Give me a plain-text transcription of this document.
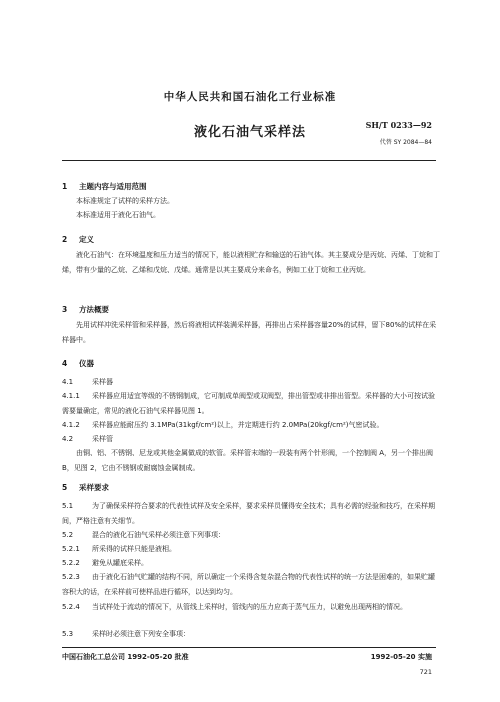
中华人民共和国石油化工行业标准
SH/T 0233—92
液化石油气采样法
代替 SY 2084—84
1 主题内容与适用范围
本标准规定了试样的采样方法。
本标准适用于液化石油气。
2 定义
液化石油气：在环境温度和压力适当的情况下，能以液相贮存和输送的石油气体。其主要成分是丙烷、丙烯、丁烷和丁烯，带有少量的乙烷、乙烯和戊烷、戊烯。通常是以其主要成分来命名，例如工业丁烷和工业丙烷。
3 方法概要
先用试样冲洗采样管和采样器，然后将液相试样装满采样器，再排出占采样器容量20%的试样，留下80%的试样在采样器中。
4 仪器
4.1	采样器
4.1.1 采样器应用适宜等级的不锈钢制成，它可制成单阀型或双阀型，排出管型或非排出管型。采样器的大小可按试验需要量确定，常见的液化石油气采样器见图 1。
4.1.2 采样器应能耐压约 3.1MPa(31kgf/cm²)以上，并定期进行约 2.0MPa(20kgf/cm²)气密试验。
4.2	采样管
由铜、铝、不锈钢、尼龙或其他金属做成的软管。采样管末端的一段装有两个针形阀，一个控制阀 A，另一个排出阀 B，见图 2，它由不锈钢或耐腐蚀金属制成。
5 采样要求
5.1	为了确保采样符合要求的代表性试样及安全采样，要求采样员懂得安全技术；具有必需的经验和技巧，在采样期间，严格注意有关细节。
5.2	混合的液化石油气采样必须注意下列事项：
5.2.1 所采得的试样只能是液相。
5.2.2 避免从罐底采样。
5.2.3 由于液化石油气贮罐的结构不同，所以确定一个采得含复杂混合物的代表性试样的统一方法是困难的，如果贮罐容积大的话，在采样前可使样品进行循环，以达到均匀。
5.2.4 当试样处于流动的情况下，从管线上采样时，管线内的压力应高于蒸气压力，以避免出现两相的情况。
5.3	采样时必须注意下列安全事项：
中国石油化工总公司 1992-05-20 批准	1992-05-20 实施
721
